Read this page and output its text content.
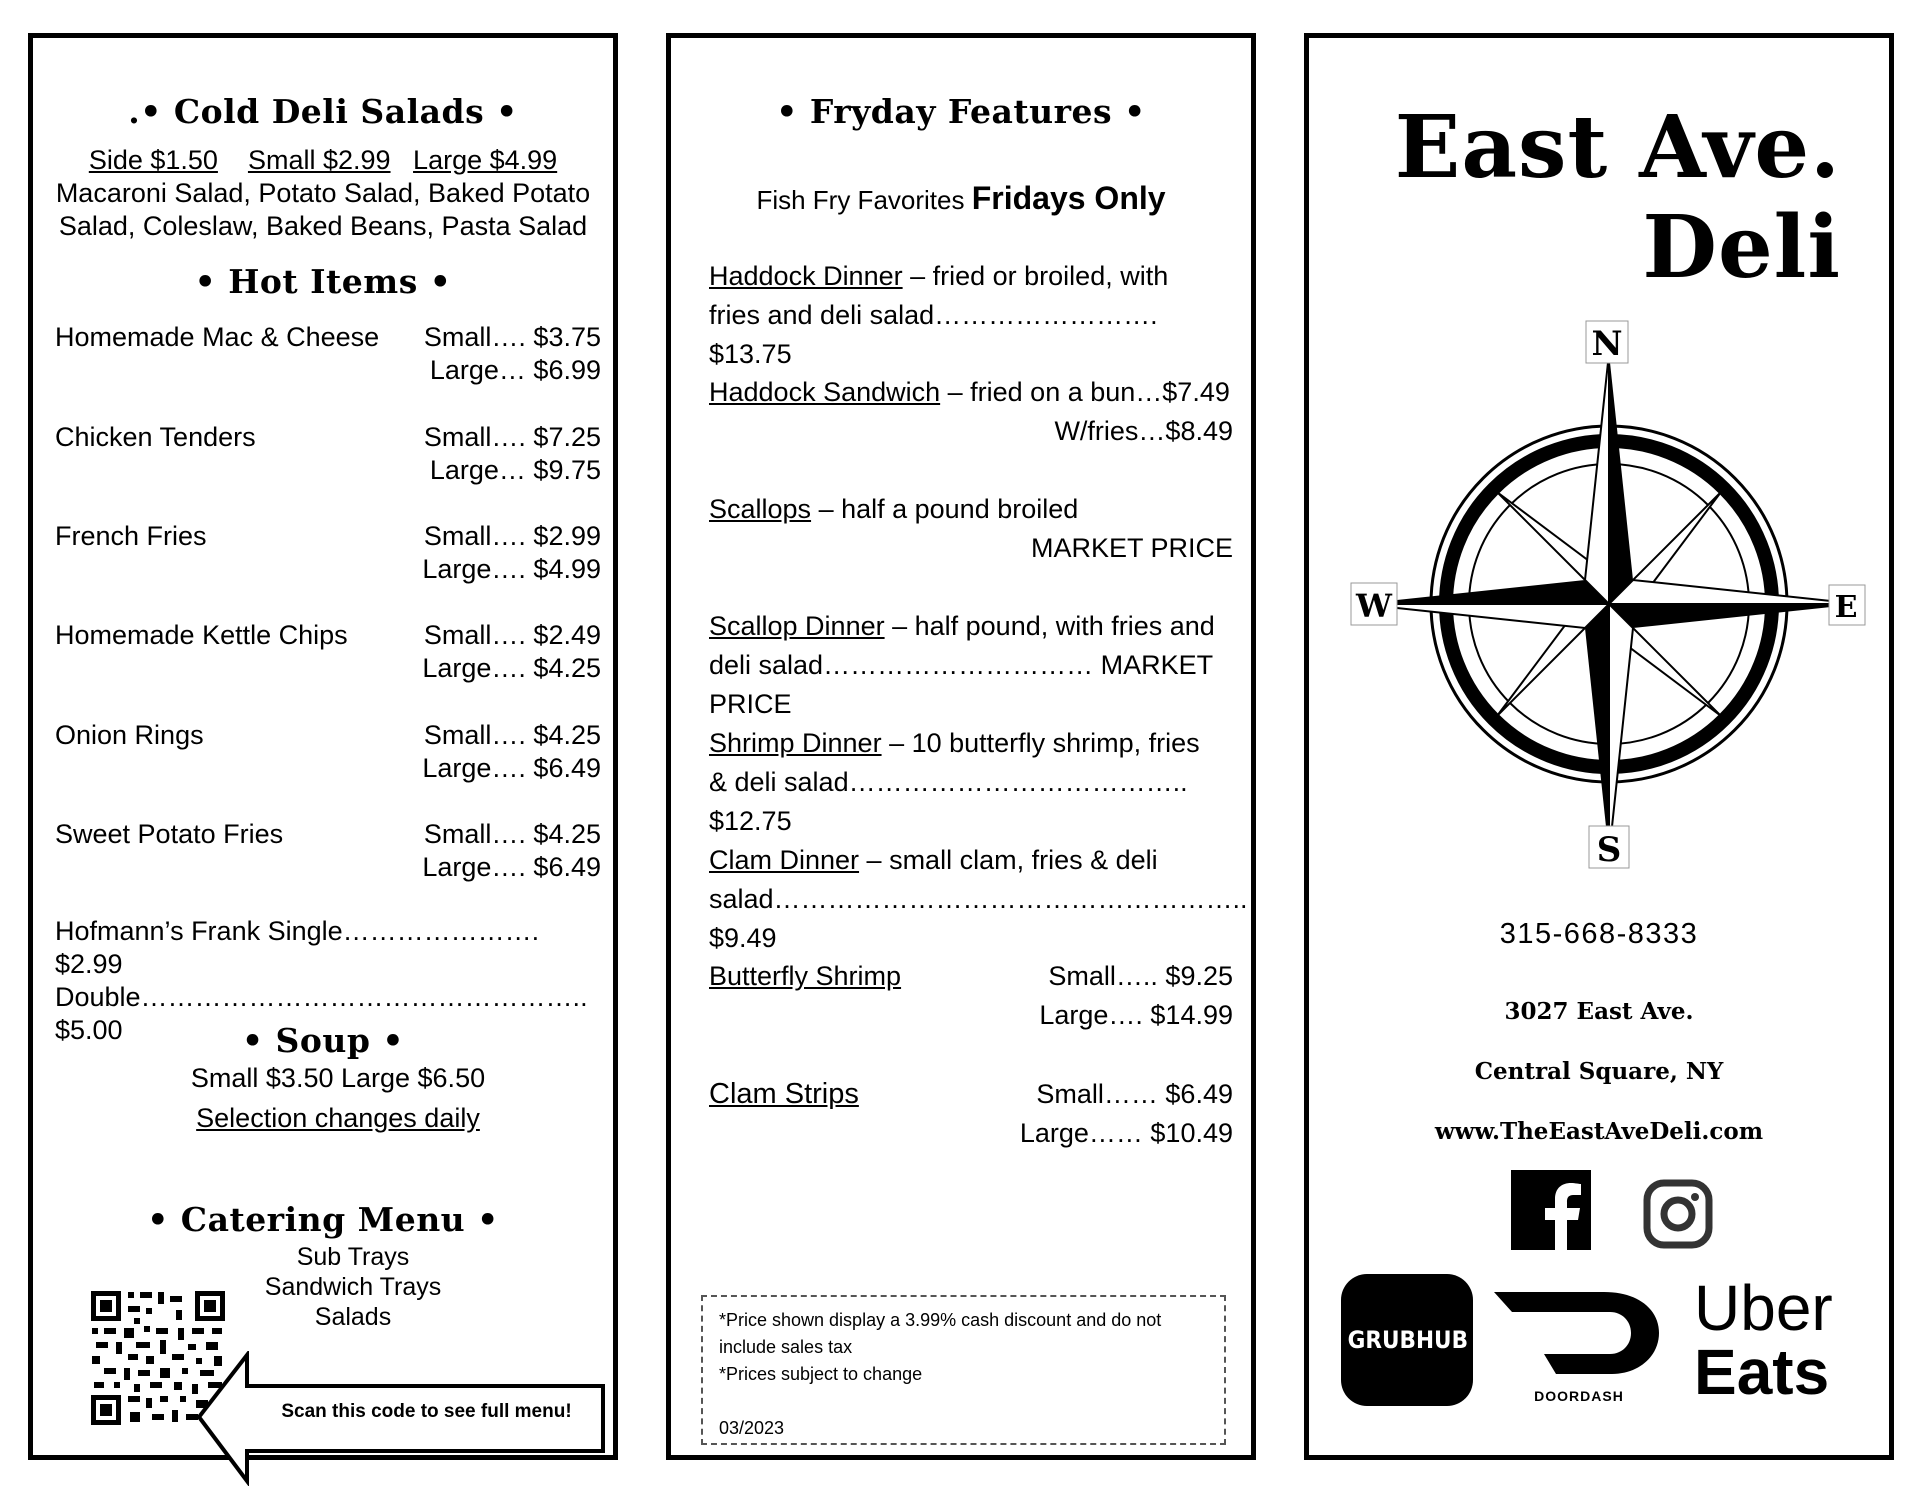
.• Cold Deli Salads •
Side $1.50 Small $2.99 Large $4.99
Macaroni Salad, Potato Salad, Baked Potato
Salad, Coleslaw, Baked Beans, Pasta Salad
• Hot Items •
Homemade Mac & Cheese Small…. $3.75
Large… $6.99
Chicken Tenders	Small…. $7.25
Large… $9.75
French Fries	Small…. $2.99
Large…. $4.99
Homemade Kettle Chips	Small…. $2.49
Large…. $4.25
Onion Rings	Small…. $4.25
Large…. $6.49
Sweet Potato Fries	Small…. $4.25
Large…. $6.49
Hofmann’s Frank Single…………………. $2.99
Double………………………………………….. $5.00	• Soup •
Small $3.50 Large $6.50
Selection changes daily
• Catering Menu •
Sub Trays
Sandwich Trays
Salads
Scan this code to see full menu!
• Fryday Features •
Fish Fry Favorites Fridays Only
Haddock Dinner – fried or broiled, with
fries and deli salad……………………. $13.75
Haddock Sandwich – fried on a bun…$7.49
W/fries…$8.49
Scallops – half a pound broiled
MARKET PRICE
Scallop Dinner – half pound, with fries and
deli salad………………………… MARKET PRICE
Shrimp Dinner – 10 butterfly shrimp, fries
& deli salad……………………………….. $12.75
Clam Dinner – small clam, fries & deli
salad…………………………………………….. $9.49
Butterfly Shrimp	Small….. $9.25
Large…. $14.99
Clam Strips	Small…… $6.49
Large…… $10.49
*Price shown display a 3.99% cash discount and do not
include sales tax
*Prices subject to change
03/2023
East Ave.
Deli
N
S
W	E
315-668-8333
3027 East Ave.
Central Square, NY
www.TheEastAveDeli.com
GRUBHUB
DOORDASH
Uber
Eats
